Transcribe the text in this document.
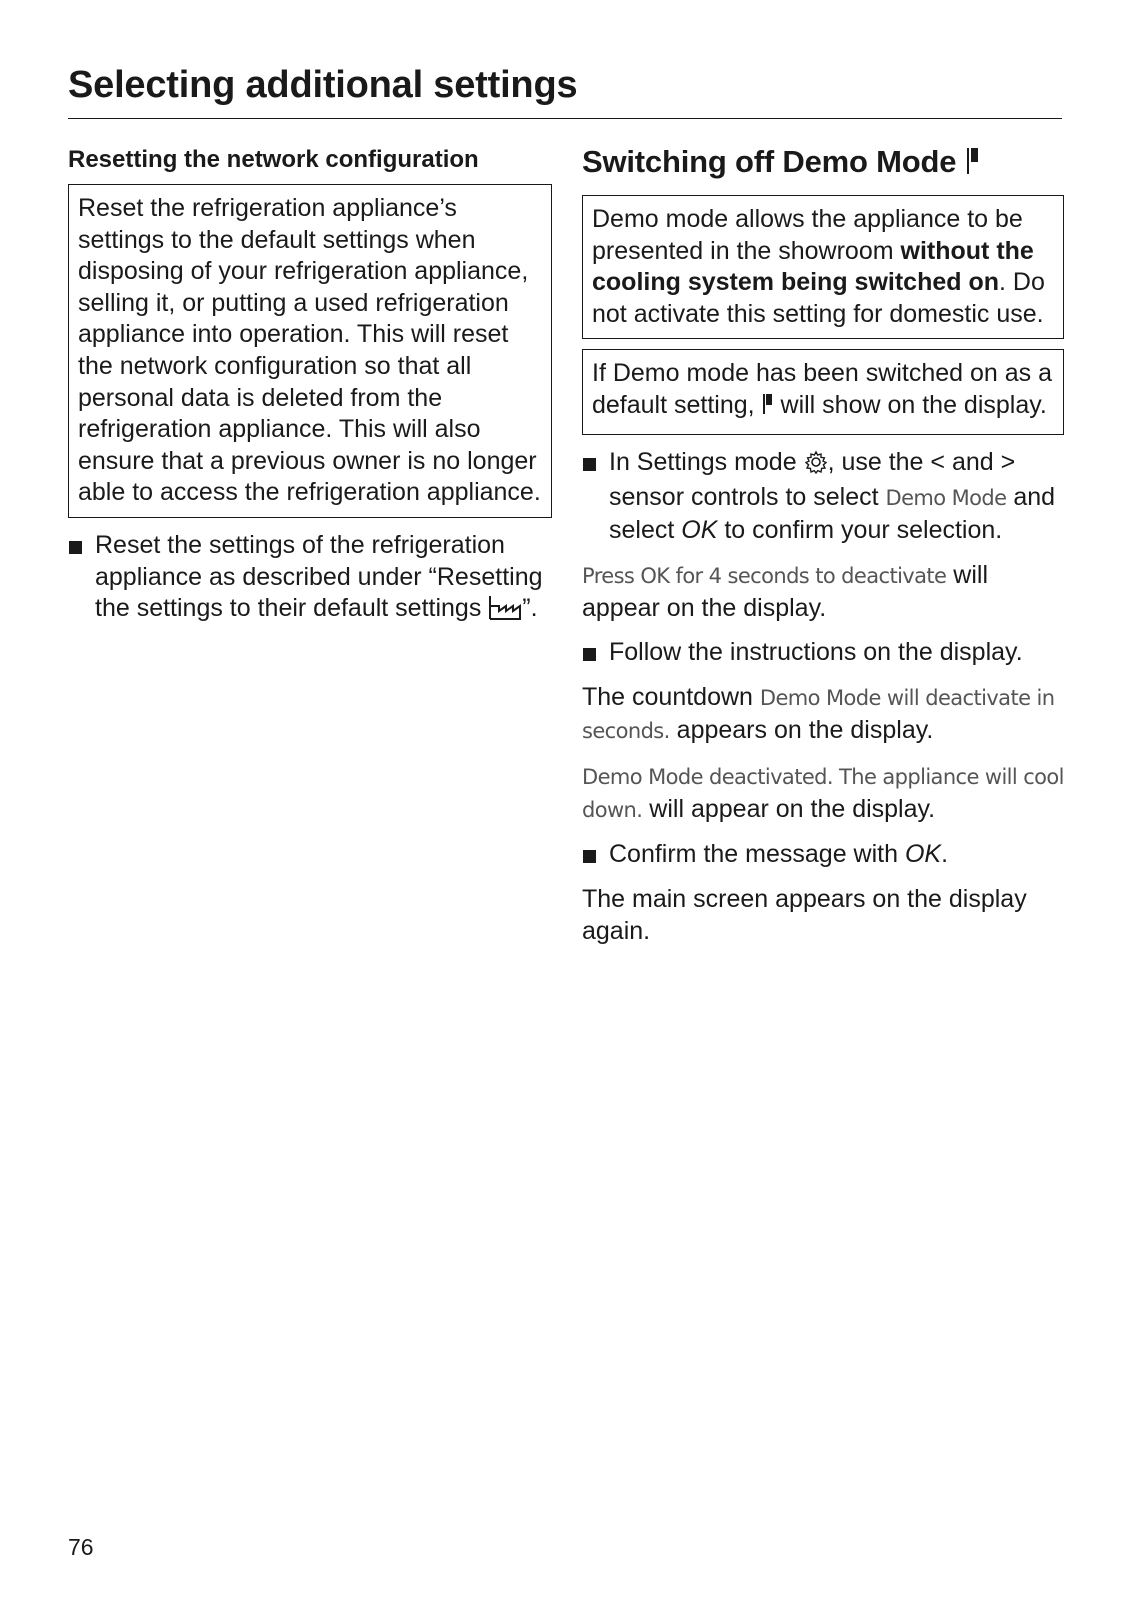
Selecting additional settings
Resetting the network configuration
Reset the refrigeration appliance’s settings to the default settings when disposing of your refrigeration appliance, selling it, or putting a used refrigeration appliance into operation. This will reset the network configuration so that all personal data is deleted from the refrigeration appliance. This will also ensure that a previous owner is no longer able to access the refrigeration appliance.
Reset the settings of the refrigeration appliance as described under “Resetting the settings to their default settings ”.
Switching off Demo Mode
Demo mode allows the appliance to be presented in the showroom without the cooling system being switched on. Do not activate this setting for domestic use.
If Demo mode has been switched on as a default setting,  will show on the display.
In Settings mode , use the < and > sensor controls to select Demo Mode and select OK to confirm your selection.
Press OK for 4 seconds to deactivate will appear on the display.
Follow the instructions on the display.
The countdown Demo Mode will deactivate in seconds. appears on the display.
Demo Mode deactivated. The appliance will cool down. will appear on the display.
Confirm the message with OK.
The main screen appears on the display again.
76
